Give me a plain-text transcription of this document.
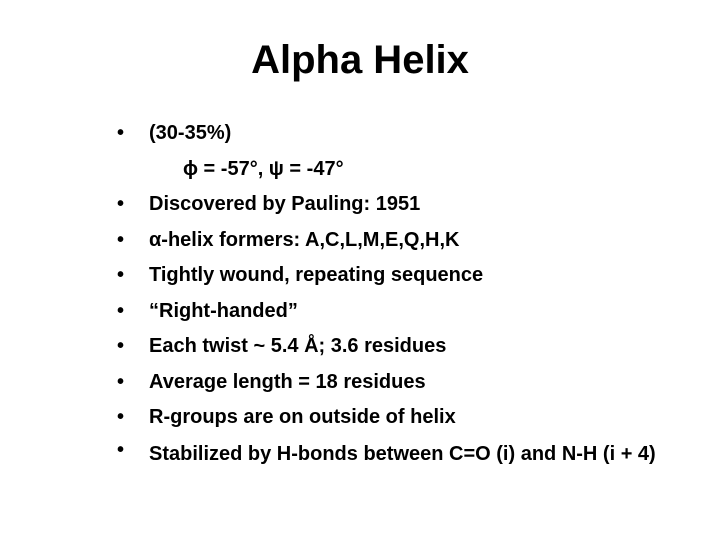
Alpha Helix
•	(30-35%)
ϕ = -57°, ψ = -47°
•	Discovered by Pauling: 1951
•	α-helix formers: A,C,L,M,E,Q,H,K
•	Tightly wound, repeating sequence
•	“Right-handed”
•	Each twist ~ 5.4 Å; 3.6 residues
•	Average length = 18 residues
•	R-groups are on outside of helix
•	Stabilized by H-bonds between C=O (i) and N-H (i + 4)
